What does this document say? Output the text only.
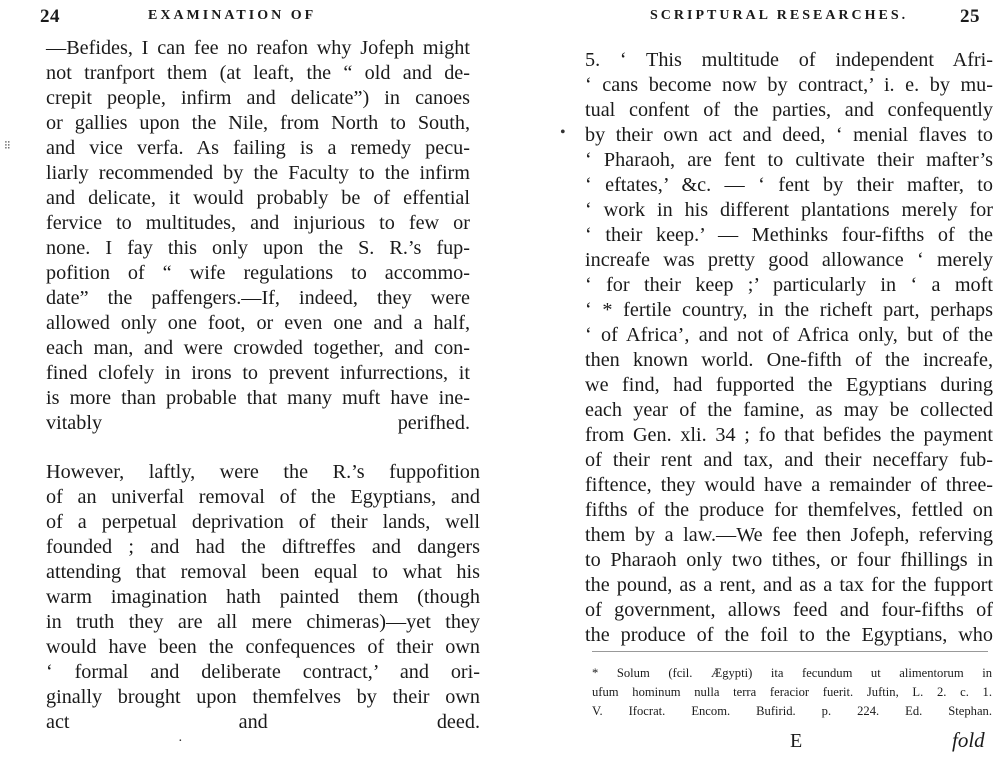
⁝ ⁝
24	EXAMINATION OF

—Befides, I can fee no reafon why Jofeph might
not tranfport them (at leaft, the “ old and de-
crepit people, infirm and delicate”) in canoes
or gallies upon the Nile, from North to South,
and vice verfa. As failing is a remedy pecu-
liarly recommended by the Faculty to the infirm
and delicate, it would probably be of effential
fervice to multitudes, and injurious to few or
none. I fay this only upon the S. R.’s fup-
pofition of “ wife regulations to accommo-
date” the paffengers.—If, indeed, they were
allowed only one foot, or even one and a half,
each man, and were crowded together, and con-
fined clofely in irons to prevent infurrections, it
is more than probable that many muft have ine-
vitably perifhed.

However, laftly, were the R.’s fuppofition
of an univerfal removal of the Egyptians, and
of a perpetual deprivation of their lands, well
founded ; and had the diftreffes and dangers
attending that removal been equal to what his
warm imagination hath painted them (though
in truth they are all mere chimeras)—yet they
would have been the confequences of their own
‘ formal and deliberate contract,’ and ori-
ginally brought upon themfelves by their own
act and deed.

·
SCRIPTURAL RESEARCHES.	25
•

5. ‘ This multitude of independent Afri-
‘ cans become now by contract,’ i. e. by mu-
tual confent of the parties, and confequently
by their own act and deed, ‘ menial flaves to
‘ Pharaoh, are fent to cultivate their mafter’s
‘ eftates,’ &c. — ‘ fent by their mafter, to
‘ work in his different plantations merely for
‘ their keep.’ — Methinks four-fifths of the
increafe was pretty good allowance ‘ merely
‘ for their keep ;’ particularly in ‘ a moft
‘ * fertile country, in the richeft part, perhaps
‘ of Africa’, and not of Africa only, but of the
then known world. One-fifth of the increafe,
we find, had fupported the Egyptians during
each year of the famine, as may be collected
from Gen. xli. 34 ; fo that befides the payment
of their rent and tax, and their neceffary fub-
fiftence, they would have a remainder of three-
fifths of the produce for themfelves, fettled on
them by a law.—We fee then Jofeph, referving
to Pharaoh only two tithes, or four fhillings in
the pound, as a rent, and as a tax for the fupport
of government, allows feed and four-fifths of
the produce of the foil to the Egyptians, who

* Solum (fcil. Ægypti) ita fecundum ut alimentorum in
ufum hominum nulla terra feracior fuerit. Juftin, L. 2. c. 1.
V. Ifocrat. Encom. Bufirid. p. 224. Ed. Stephan.

E	fold
